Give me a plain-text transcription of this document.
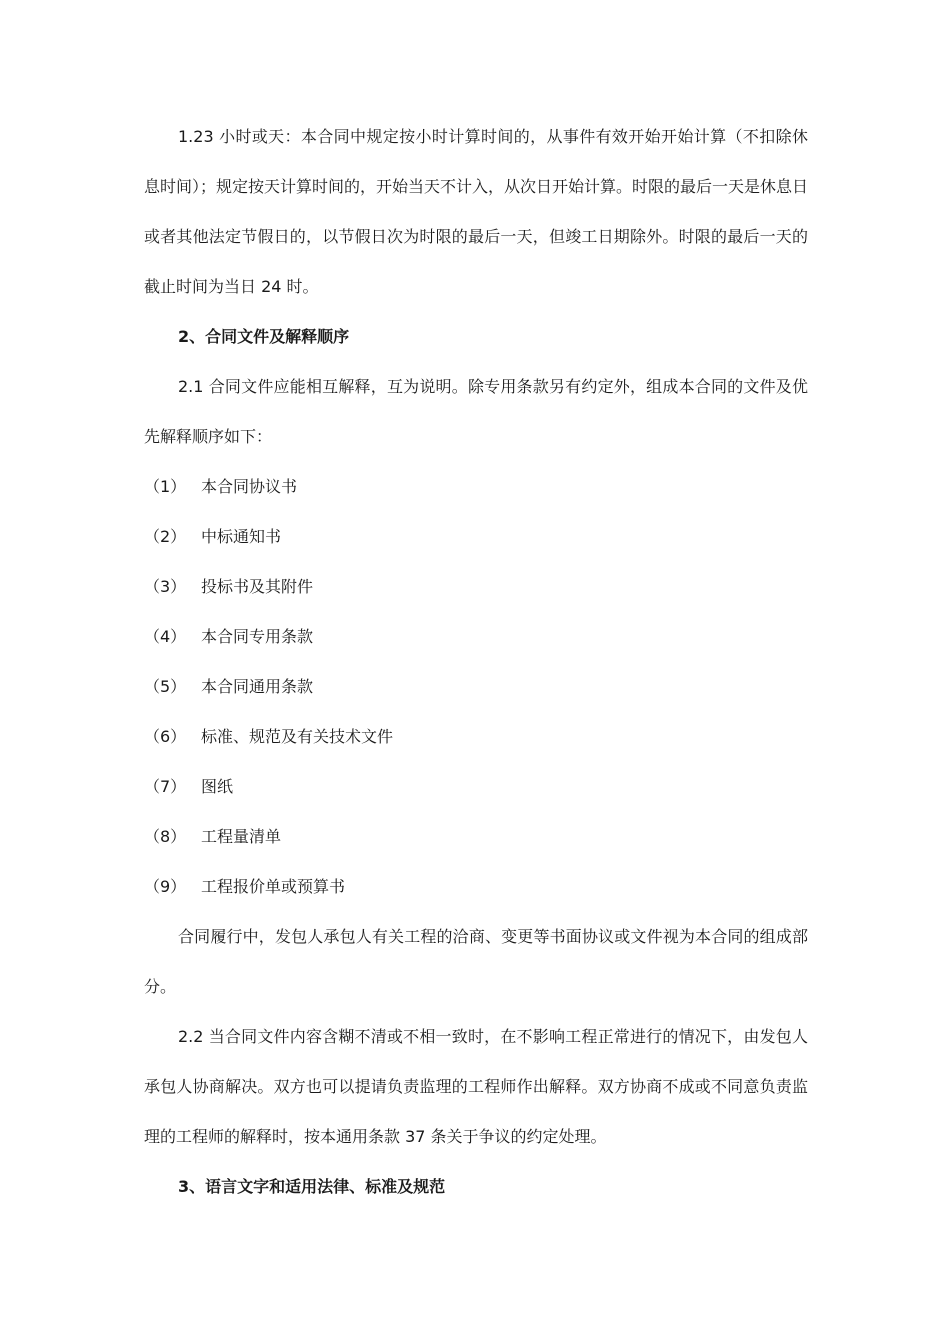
1.23 小时或天：本合同中规定按小时计算时间的，从事件有效开始开始计算（不扣除休息时间）；规定按天计算时间的，开始当天不计入，从次日开始计算。时限的最后一天是休息日或者其他法定节假日的，以节假日次为时限的最后一天，但竣工日期除外。时限的最后一天的截止时间为当日 24 时。

2、合同文件及解释顺序

2.1 合同文件应能相互解释，互为说明。除专用条款另有约定外，组成本合同的文件及优先解释顺序如下：

（1） 本合同协议书
（2） 中标通知书
（3） 投标书及其附件
（4） 本合同专用条款
（5） 本合同通用条款
（6） 标准、规范及有关技术文件
（7） 图纸
（8） 工程量清单
（9） 工程报价单或预算书

合同履行中，发包人承包人有关工程的洽商、变更等书面协议或文件视为本合同的组成部分。

2.2 当合同文件内容含糊不清或不相一致时，在不影响工程正常进行的情况下，由发包人承包人协商解决。双方也可以提请负责监理的工程师作出解释。双方协商不成或不同意负责监理的工程师的解释时，按本通用条款 37 条关于争议的约定处理。

3、语言文字和适用法律、标准及规范
